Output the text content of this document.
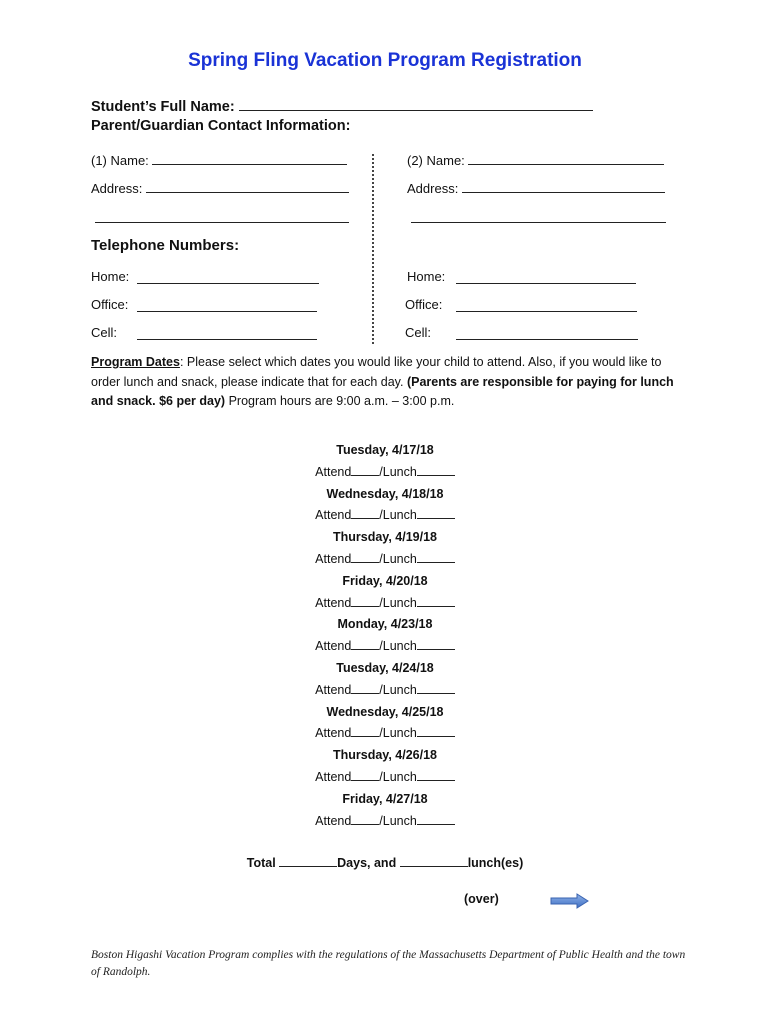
Spring Fling Vacation Program Registration
Student’s Full Name:
Parent/Guardian Contact Information:
(1) Name:
Address:
Telephone Numbers:
Home:
Office:
Cell:
(2) Name:
Address:
Home:
Office:
Cell:
Program Dates: Please select which dates you would like your child to attend. Also, if you would like to order lunch and snack, please indicate that for each day. (Parents are responsible for paying for lunch and snack. $6 per day) Program hours are 9:00 a.m. – 3:00 p.m.
Tuesday, 4/17/18
Attend /Lunch
Wednesday, 4/18/18
Attend /Lunch
Thursday, 4/19/18
Attend /Lunch
Friday, 4/20/18
Attend /Lunch
Monday, 4/23/18
Attend /Lunch
Tuesday, 4/24/18
Attend /Lunch
Wednesday, 4/25/18
Attend /Lunch
Thursday, 4/26/18
Attend /Lunch
Friday, 4/27/18
Attend /Lunch
Total	Days, and	lunch(es)
(over)
Boston Higashi Vacation Program complies with the regulations of the Massachusetts Department of Public Health and the town of Randolph.
